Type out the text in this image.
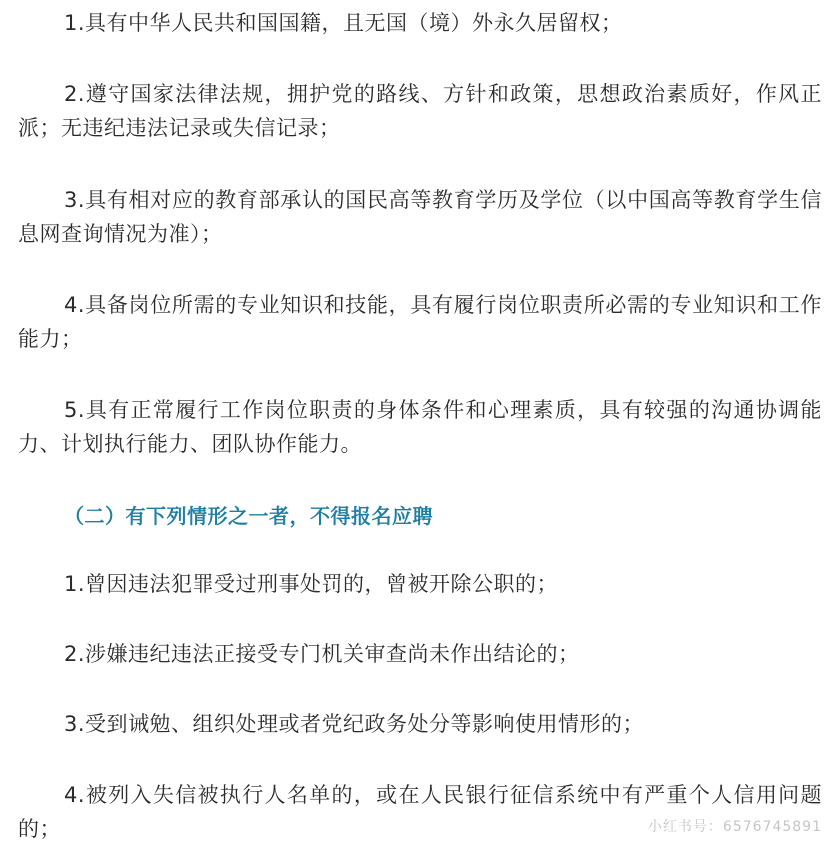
1.具有中华人民共和国国籍，且无国（境）外永久居留权；

2.遵守国家法律法规，拥护党的路线、方针和政策，思想政治素质好，作风正派；无违纪违法记录或失信记录；

3.具有相对应的教育部承认的国民高等教育学历及学位（以中国高等教育学生信息网查询情况为准）；

4.具备岗位所需的专业知识和技能，具有履行岗位职责所必需的专业知识和工作能力；

5.具有正常履行工作岗位职责的身体条件和心理素质，具有较强的沟通协调能力、计划执行能力、团队协作能力。

（二）有下列情形之一者，不得报名应聘

1.曾因违法犯罪受过刑事处罚的，曾被开除公职的；

2.涉嫌违纪违法正接受专门机关审查尚未作出结论的；

3.受到诫勉、组织处理或者党纪政务处分等影响使用情形的；

4.被列入失信被执行人名单的，或在人民银行征信系统中有严重个人信用问题的；	小红书号：6576745891
